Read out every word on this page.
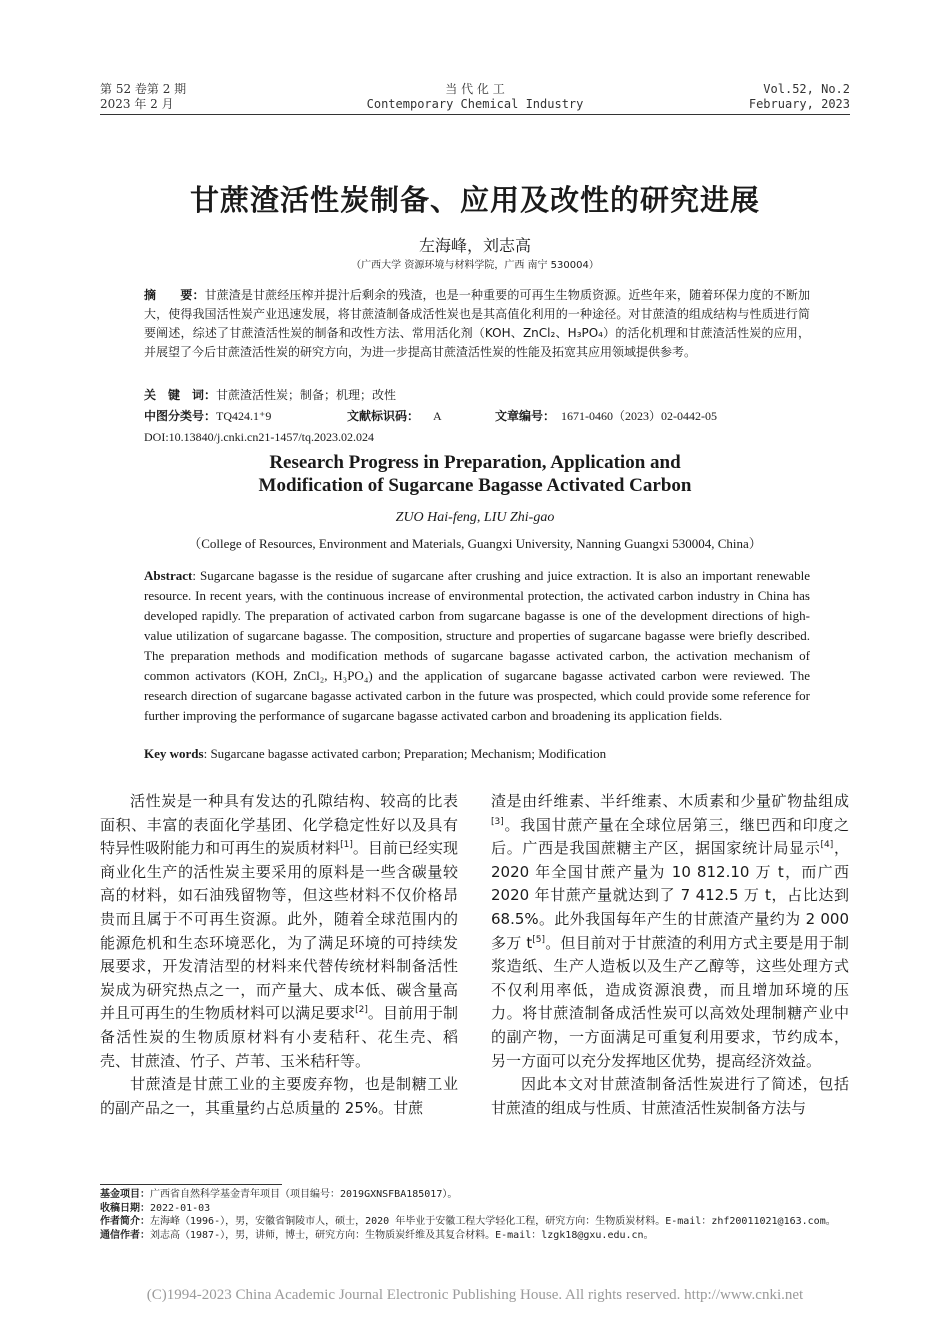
第 52 卷第 2 期
2023 年 2 月
当 代 化 工
Contemporary Chemical Industry
Vol.52, No.2
February, 2023
甘蔗渣活性炭制备、应用及改性的研究进展
左海峰，刘志高
（广西大学 资源环境与材料学院，广西 南宁 530004）
摘　　要：甘蔗渣是甘蔗经压榨并提汁后剩余的残渣，也是一种重要的可再生生物质资源。近些年来，随着环保力度的不断加大，使得我国活性炭产业迅速发展，将甘蔗渣制备成活性炭也是其高值化利用的一种途径。对甘蔗渣的组成结构与性质进行简要阐述，综述了甘蔗渣活性炭的制备和改性方法、常用活化剂（KOH、ZnCl₂、H₃PO₄）的活化机理和甘蔗渣活性炭的应用，并展望了今后甘蔗渣活性炭的研究方向，为进一步提高甘蔗渣活性炭的性能及拓宽其应用领域提供参考。
关　键　词：甘蔗渣活性炭；制备；机理；改性
中图分类号：TQ424.1⁺9	文献标识码： A	文章编号： 1671-0460（2023）02-0442-05
DOI:10.13840/j.cnki.cn21-1457/tq.2023.02.024
Research Progress in Preparation, Application and
Modification of Sugarcane Bagasse Activated Carbon
ZUO Hai-feng, LIU Zhi-gao
（College of Resources, Environment and Materials, Guangxi University, Nanning Guangxi 530004, China）
Abstract: Sugarcane bagasse is the residue of sugarcane after crushing and juice extraction. It is also an important renewable resource. In recent years, with the continuous increase of environmental protection, the activated carbon industry in China has developed rapidly. The preparation of activated carbon from sugarcane bagasse is one of the development directions of high-value utilization of sugarcane bagasse. The composition, structure and properties of sugarcane bagasse were briefly described. The preparation methods and modification methods of sugarcane bagasse activated carbon, the activation mechanism of common activators (KOH, ZnCl₂, H₃PO₄) and the application of sugarcane bagasse activated carbon were reviewed. The research direction of sugarcane bagasse activated carbon in the future was prospected, which could provide some reference for further improving the performance of sugarcane bagasse activated carbon and broadening its application fields.
Key words: Sugarcane bagasse activated carbon; Preparation; Mechanism; Modification

活性炭是一种具有发达的孔隙结构、较高的比表面积、丰富的表面化学基团、化学稳定性好以及具有特异性吸附能力和可再生的炭质材料[1]。目前已经实现商业化生产的活性炭主要采用的原料是一些含碳量较高的材料，如石油残留物等，但这些材料不仅价格昂贵而且属于不可再生资源。此外，随着全球范围内的能源危机和生态环境恶化，为了满足环境的可持续发展要求，开发清洁型的材料来代替传统材料制备活性炭成为研究热点之一，而产量大、成本低、碳含量高并且可再生的生物质材料可以满足要求[2]。目前用于制备活性炭的生物质原材料有小麦秸秆、花生壳、稻壳、甘蔗渣、竹子、芦苇、玉米秸秆等。

甘蔗渣是甘蔗工业的主要废弃物，也是制糖工业的副产品之一，其重量约占总质量的 25%。甘蔗

渣是由纤维素、半纤维素、木质素和少量矿物盐组成[3]。我国甘蔗产量在全球位居第三，继巴西和印度之后。广西是我国蔗糖主产区，据国家统计局显示[4]，2020 年全国甘蔗产量为 10 812.10 万 t，而广西 2020 年甘蔗产量就达到了 7 412.5 万 t，占比达到 68.5%。此外我国每年产生的甘蔗渣产量约为 2 000 多万 t[5]。但目前对于甘蔗渣的利用方式主要是用于制浆造纸、生产人造板以及生产乙醇等，这些处理方式不仅利用率低，造成资源浪费，而且增加环境的压力。将甘蔗渣制备成活性炭可以高效处理制糖产业中的副产物，一方面满足可重复利用要求，节约成本，另一方面可以充分发挥地区优势，提高经济效益。

因此本文对甘蔗渣制备活性炭进行了简述，包括甘蔗渣的组成与性质、甘蔗渣活性炭制备方法与

基金项目：广西省自然科学基金青年项目（项目编号：2019GXNSFBA185017）。
收稿日期：2022-01-03
作者简介：左海峰（1996-），男，安徽省铜陵市人，硕士，2020 年毕业于安徽工程大学轻化工程，研究方向：生物质炭材料。E-mail：zhf20011021@163.com。
通信作者：刘志高（1987-），男，讲师，博士，研究方向：生物质炭纤维及其复合材料。E-mail：lzgk18@gxu.edu.cn。
(C)1994-2023 China Academic Journal Electronic Publishing House. All rights reserved. http://www.cnki.net
